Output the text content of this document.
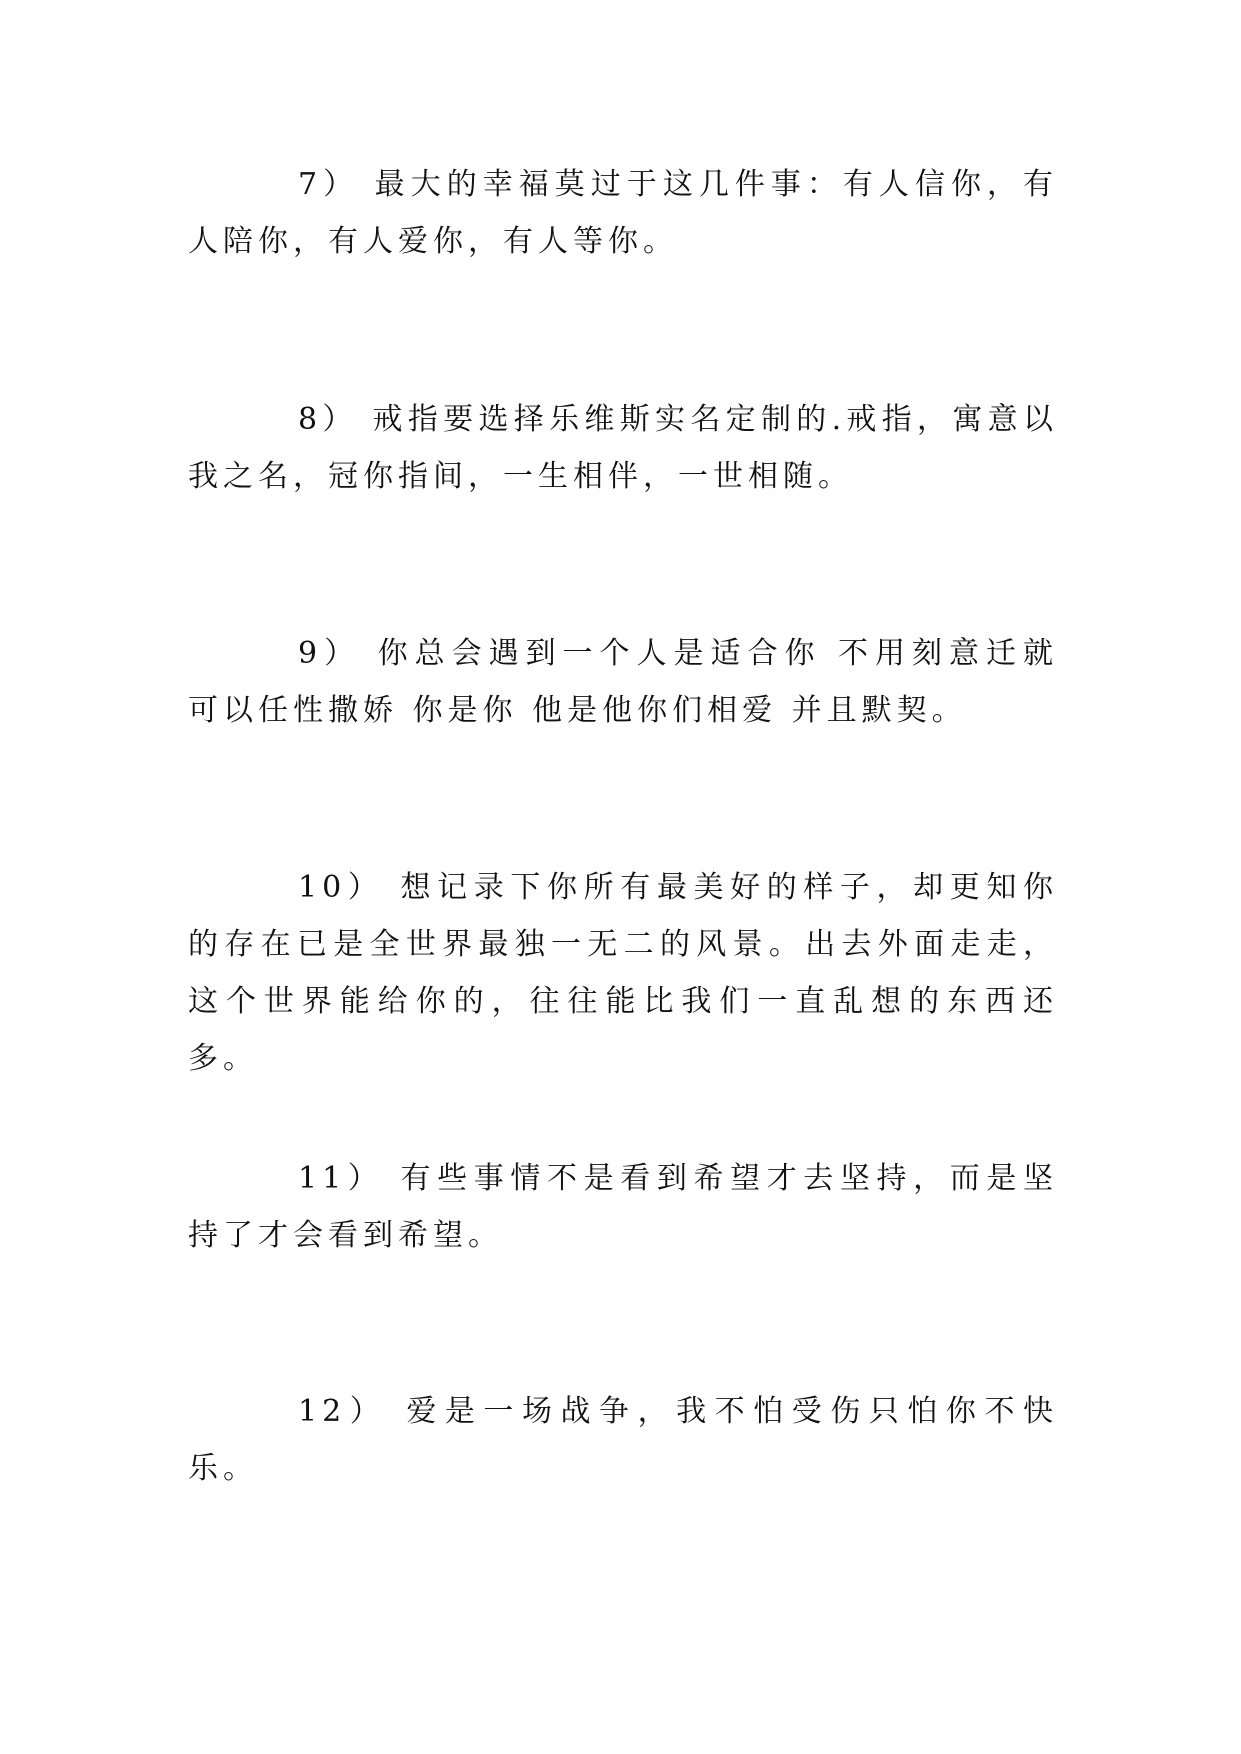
7） 最大的幸福莫过于这几件事：有人信你，有人陪你，有人爱你，有人等你。

8） 戒指要选择乐维斯实名定制的.戒指，寓意以我之名，冠你指间，一生相伴，一世相随。

9） 你总会遇到一个人是适合你 不用刻意迁就 可以任性撒娇 你是你 他是他你们相爱 并且默契。

10） 想记录下你所有最美好的样子，却更知你的存在已是全世界最独一无二的风景。出去外面走走，这个世界能给你的，往往能比我们一直乱想的东西还多。

11） 有些事情不是看到希望才去坚持，而是坚持了才会看到希望。

12） 爱是一场战争，我不怕受伤只怕你不快乐。
